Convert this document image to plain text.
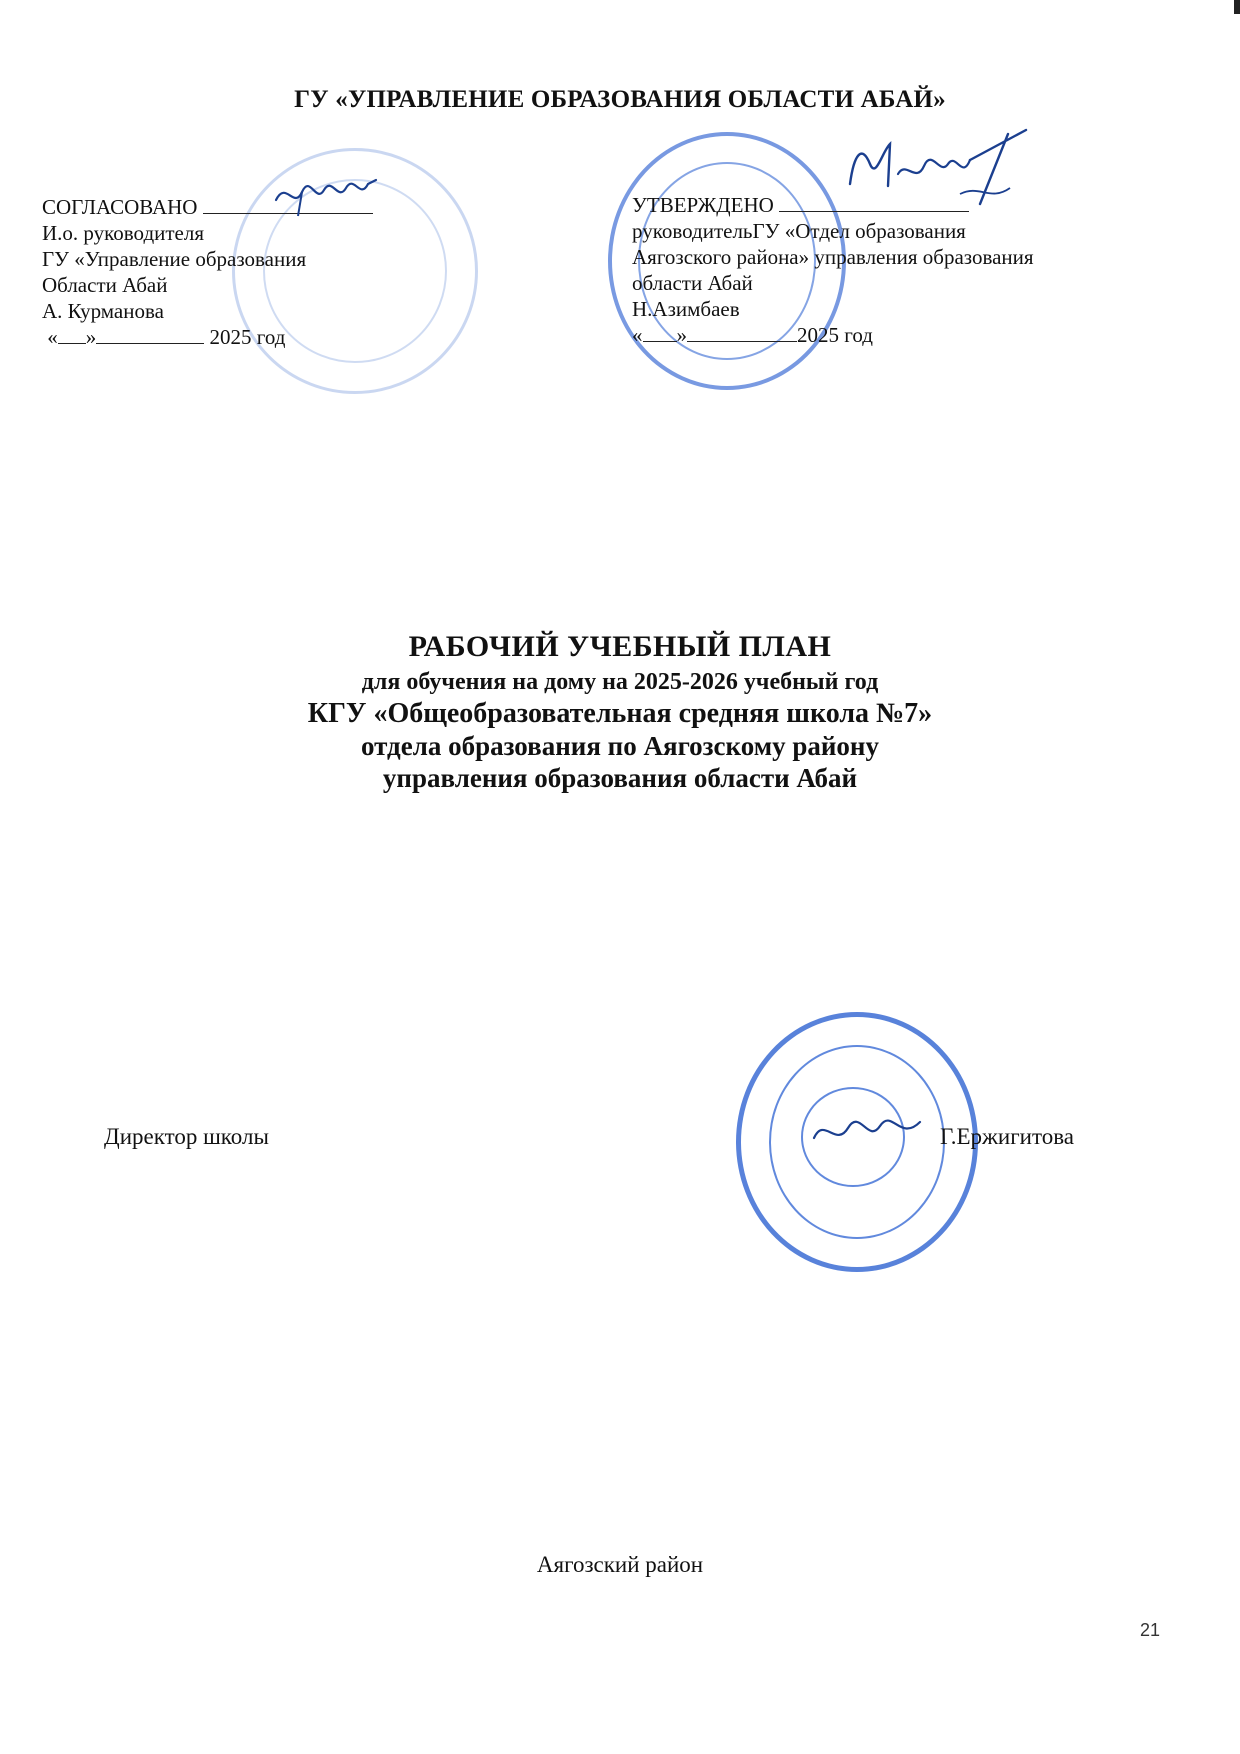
ГУ «УПРАВЛЕНИЕ ОБРАЗОВАНИЯ ОБЛАСТИ АБАЙ»
СОГЛАСОВАНО
И.о. руководителя
ГУ «Управление образования
Области Абай
А. Курманова
« »	2025 год
УТВЕРЖДЕНО
руководительГУ «Отдел образования
Аягозского района» управления образования
области Абай
Н.Азимбаев
« »	2025 год
РАБОЧИЙ УЧЕБНЫЙ ПЛАН
для обучения на дому на 2025-2026 учебный год
КГУ «Общеобразовательная средняя школа №7»
отдела образования по Аягозскому району
управления образования области Абай
Директор школы	Г.Ержигитова
Аягозский район
21
